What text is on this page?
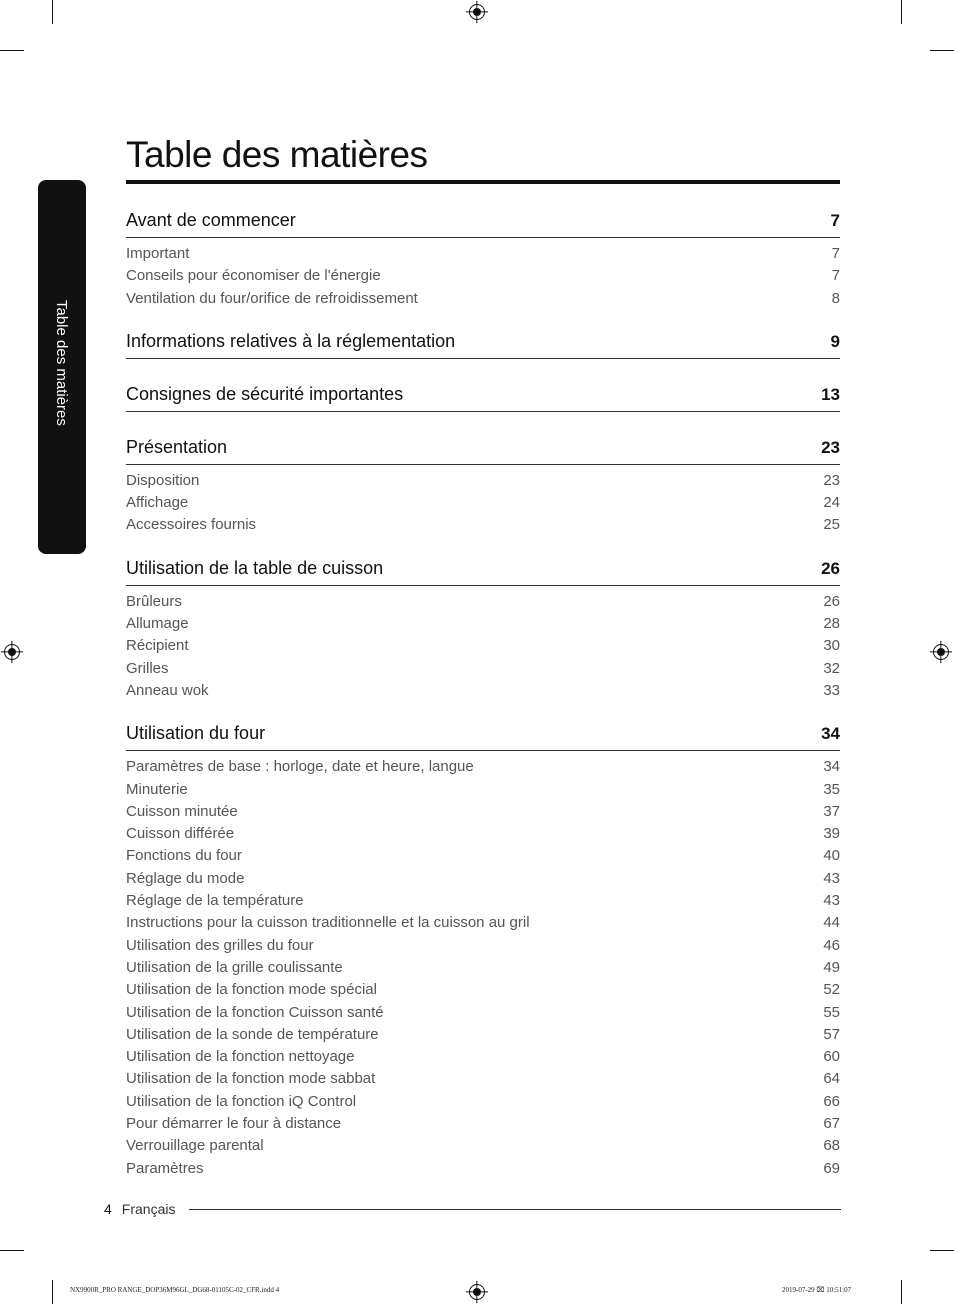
Table des matières
Table des matières
Avant de commencer	7
Important	7
Conseils pour économiser de l'énergie	7
Ventilation du four/orifice de refroidissement	8
Informations relatives à la réglementation	9
Consignes de sécurité importantes	13
Présentation	23
Disposition	23
Affichage	24
Accessoires fournis	25
Utilisation de la table de cuisson	26
Brûleurs	26
Allumage	28
Récipient	30
Grilles	32
Anneau wok	33
Utilisation du four	34
Paramètres de base : horloge, date et heure, langue	34
Minuterie	35
Cuisson minutée	37
Cuisson différée	39
Fonctions du four	40
Réglage du mode	43
Réglage de la température	43
Instructions pour la cuisson traditionnelle et la cuisson au gril	44
Utilisation des grilles du four	46
Utilisation de la grille coulissante	49
Utilisation de la fonction mode spécial	52
Utilisation de la fonction Cuisson santé	55
Utilisation de la sonde de température	57
Utilisation de la fonction nettoyage	60
Utilisation de la fonction mode sabbat	64
Utilisation de la fonction iQ Control	66
Pour démarrer le four à distance	67
Verrouillage parental	68
Paramètres	69
4 Français
NX9900R_PRO RANGE_DOP36M96GL_DG68-01105C-02_CFR.indd 4	2019-07-29 ⌧ 10:51:07
